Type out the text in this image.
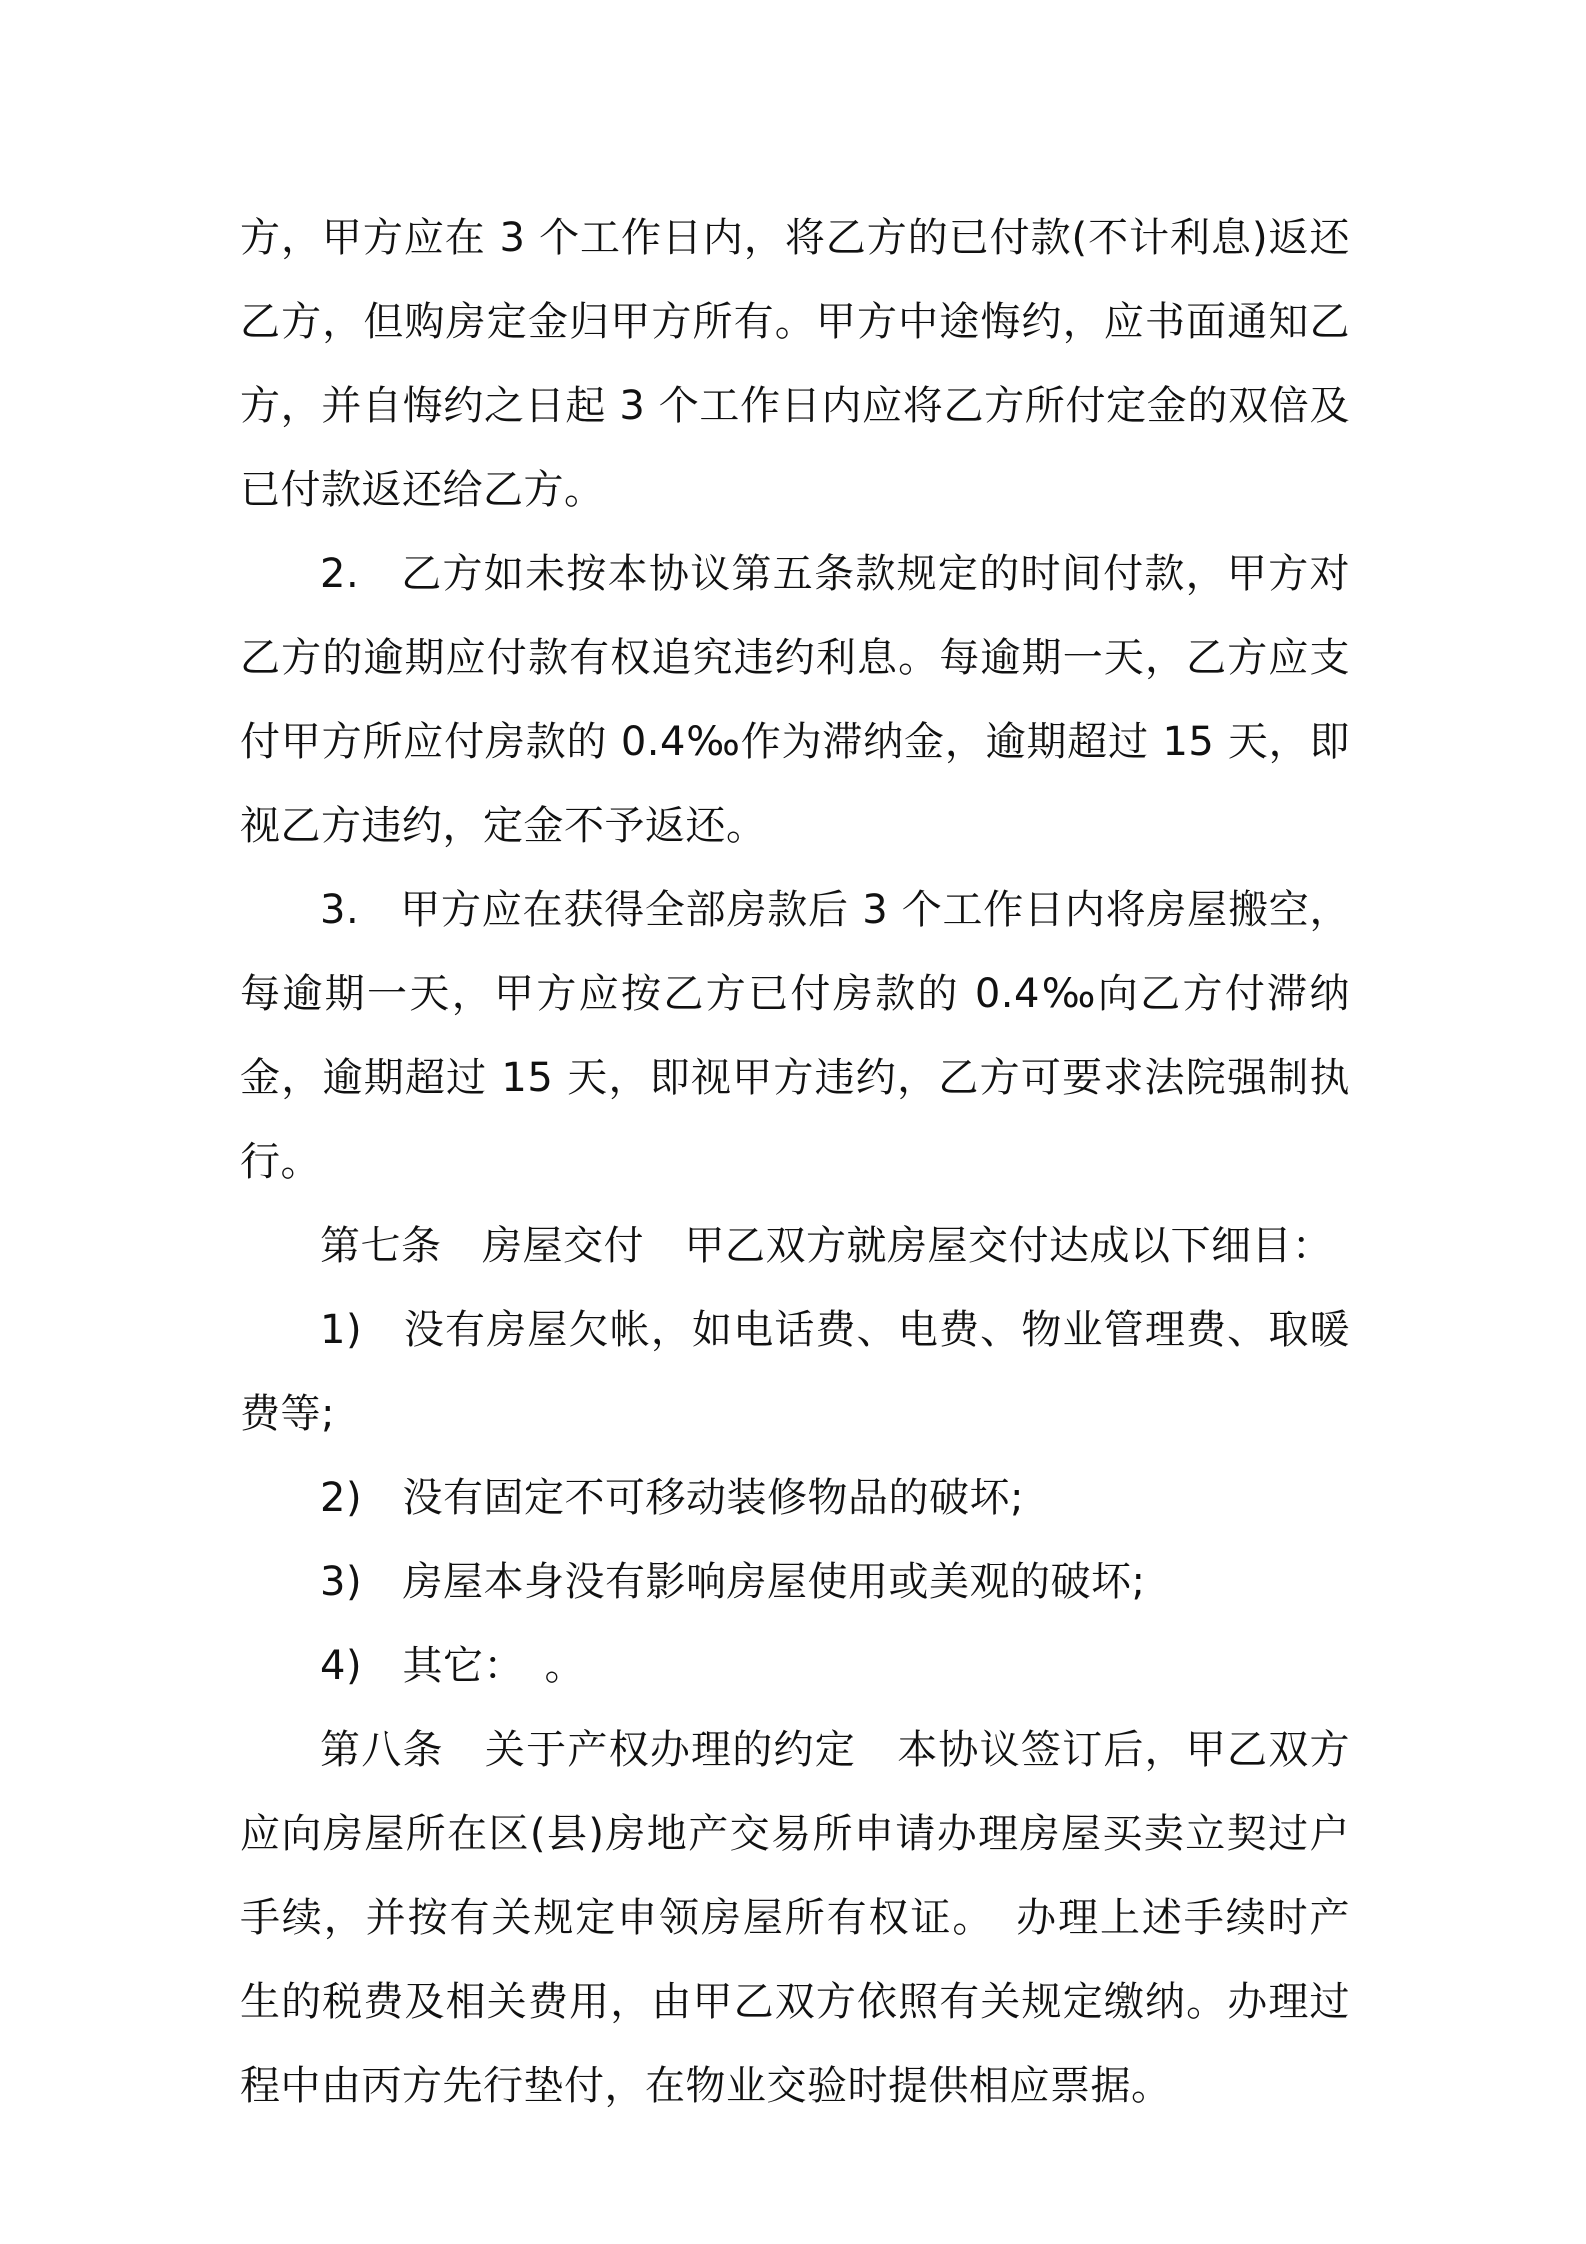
方，甲方应在 3 个工作日内，将乙方的已付款(不计利息)返还乙方，但购房定金归甲方所有。甲方中途悔约，应书面通知乙方，并自悔约之日起 3 个工作日内应将乙方所付定金的双倍及已付款返还给乙方。

2.　乙方如未按本协议第五条款规定的时间付款，甲方对乙方的逾期应付款有权追究违约利息。每逾期一天，乙方应支付甲方所应付房款的 0.4‰作为滞纳金，逾期超过 15 天，即视乙方违约，定金不予返还。

3.　甲方应在获得全部房款后 3 个工作日内将房屋搬空，每逾期一天，甲方应按乙方已付房款的 0.4‰向乙方付滞纳金，逾期超过 15 天，即视甲方违约，乙方可要求法院强制执行。

第七条　房屋交付　甲乙双方就房屋交付达成以下细目：

1)　没有房屋欠帐，如电话费、电费、物业管理费、取暖费等;

2)　没有固定不可移动装修物品的破坏;

3)　房屋本身没有影响房屋使用或美观的破坏;

4)　其它：　。

第八条　关于产权办理的约定　本协议签订后，甲乙双方应向房屋所在区(县)房地产交易所申请办理房屋买卖立契过户手续，并按有关规定申领房屋所有权证。　办理上述手续时产生的税费及相关费用，由甲乙双方依照有关规定缴纳。办理过程中由丙方先行垫付，在物业交验时提供相应票据。
